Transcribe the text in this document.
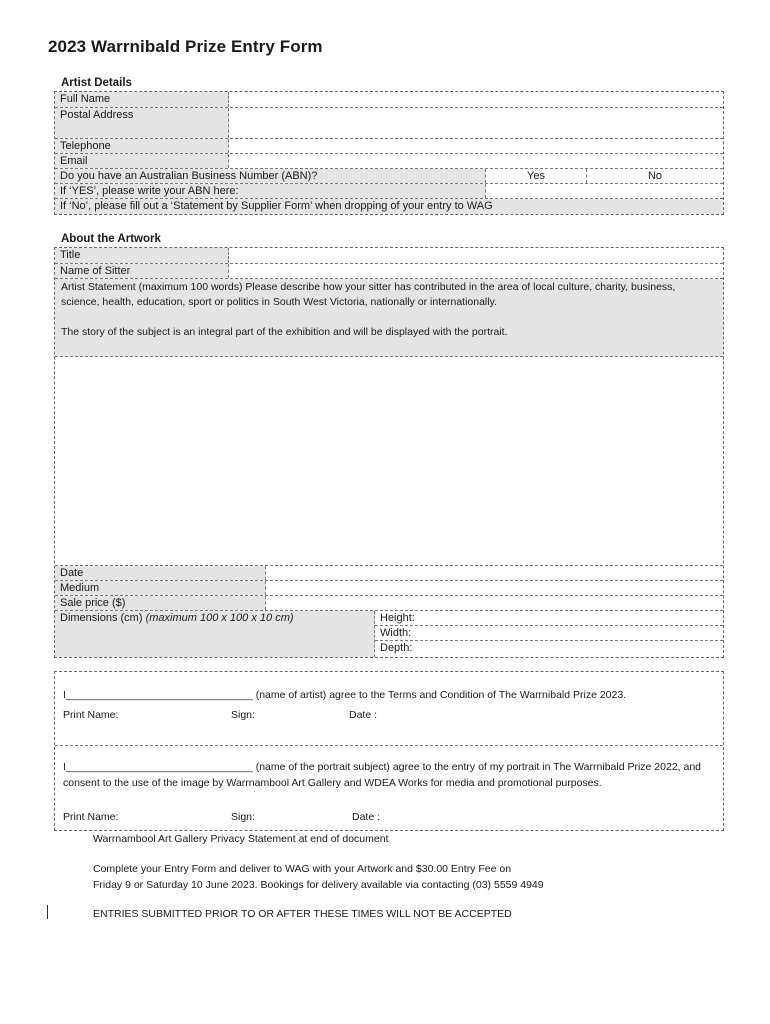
2023 Warrnibald Prize Entry Form
Artist Details
Full Name
Postal Address
Telephone
Email
Do you have an Australian Business Number (ABN)?	Yes	No
If ‘YES’, please write your ABN here:
If ‘No’, please fill out a ‘Statement by Supplier Form’ when dropping of your entry to WAG
About the Artwork
Title
Name of Sitter
Artist Statement (maximum 100 words) Please describe how your sitter has contributed in the area of local culture, charity, business, science, health, education, sport or politics in South West Victoria, nationally or internationally.
The story of the subject is an integral part of the exhibition and will be displayed with the portrait.
Date
Medium
Sale price ($)
Dimensions (cm) (maximum 100 x 100 x 10 cm)	Height:
Width:
Depth:
I________________________________ (name of artist) agree to the Terms and Condition of The Warrnibald Prize 2023.
Print Name:	Sign:	Date :
I________________________________ (name of the portrait subject) agree to the entry of my portrait in The Warrnibald Prize 2022, and consent to the use of the image by Warrnambool Art Gallery and WDEA Works for media and promotional purposes.
Print Name:	Sign:	Date :
Warrnambool Art Gallery Privacy Statement at end of document
Complete your Entry Form and deliver to WAG with your Artwork and $30.00 Entry Fee on
Friday 9 or Saturday 10 June 2023. Bookings for delivery available via contacting (03) 5559 4949
ENTRIES SUBMITTED PRIOR TO OR AFTER THESE TIMES WILL NOT BE ACCEPTED
